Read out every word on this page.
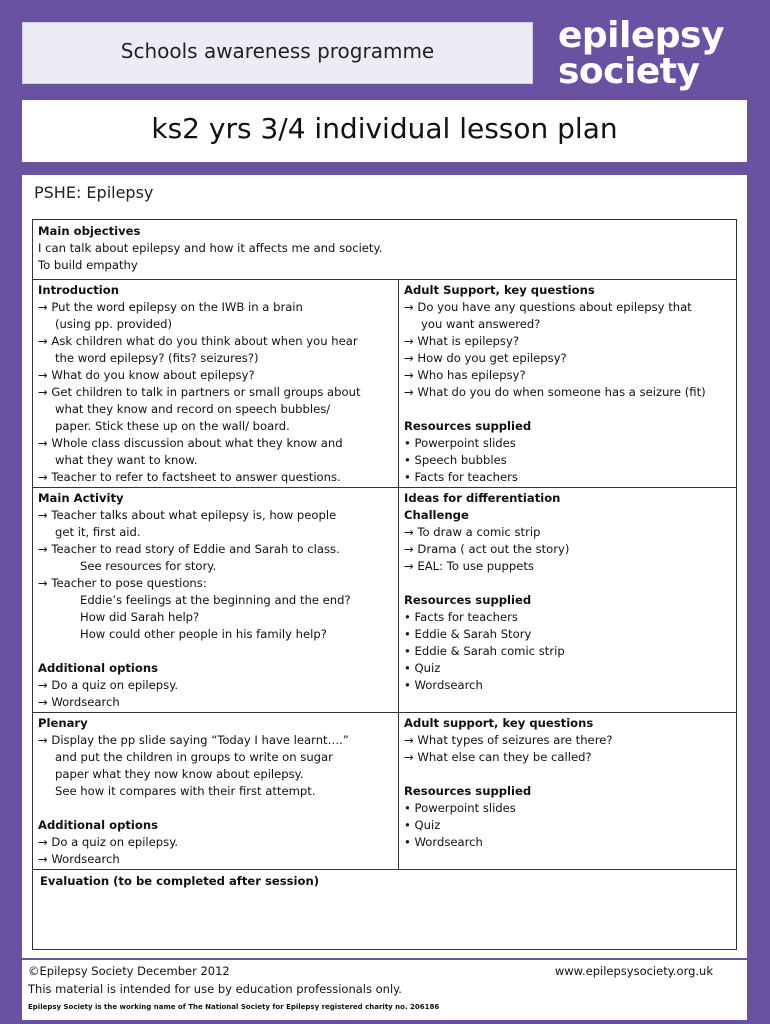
Schools awareness programme	epilepsy
society
ks2 yrs 3/4 individual lesson plan
PSHE: Epilepsy
Main objectives
I can talk about epilepsy and how it affects me and society.
To build empathy
Introduction
→ Put the word epilepsy on the IWB in a brain
(using pp. provided)
→ Ask children what do you think about when you hear
the word epilepsy? (fits? seizures?)
→ What do you know about epilepsy?
→ Get children to talk in partners or small groups about
what they know and record on speech bubbles/
paper. Stick these up on the wall/ board.
→ Whole class discussion about what they know and
what they want to know.
→ Teacher to refer to factsheet to answer questions.
Adult Support, key questions
→ Do you have any questions about epilepsy that
you want answered?
→ What is epilepsy?
→ How do you get epilepsy?
→ Who has epilepsy?
→ What do you do when someone has a seizure (fit)
Resources supplied
• Powerpoint slides
• Speech bubbles
• Facts for teachers
Main Activity
→ Teacher talks about what epilepsy is, how people
get it, first aid.
→ Teacher to read story of Eddie and Sarah to class.
See resources for story.
→ Teacher to pose questions:
Eddie’s feelings at the beginning and the end?
How did Sarah help?
How could other people in his family help?
Additional options
→ Do a quiz on epilepsy.
→ Wordsearch
Ideas for differentiation
Challenge
→ To draw a comic strip
→ Drama ( act out the story)
→ EAL: To use puppets
Resources supplied
• Facts for teachers
• Eddie & Sarah Story
• Eddie & Sarah comic strip
• Quiz
• Wordsearch
Plenary
→ Display the pp slide saying “Today I have learnt….”
and put the children in groups to write on sugar
paper what they now know about epilepsy.
See how it compares with their first attempt.
Additional options
→ Do a quiz on epilepsy.
→ Wordsearch
Adult support, key questions
→ What types of seizures are there?
→ What else can they be called?
Resources supplied
• Powerpoint slides
• Quiz
• Wordsearch
Evaluation (to be completed after session)
©Epilepsy Society December 2012	www.epilepsysociety.org.uk
This material is intended for use by education professionals only.
Epilepsy Society is the working name of The National Society for Epilepsy registered charity no. 206186
